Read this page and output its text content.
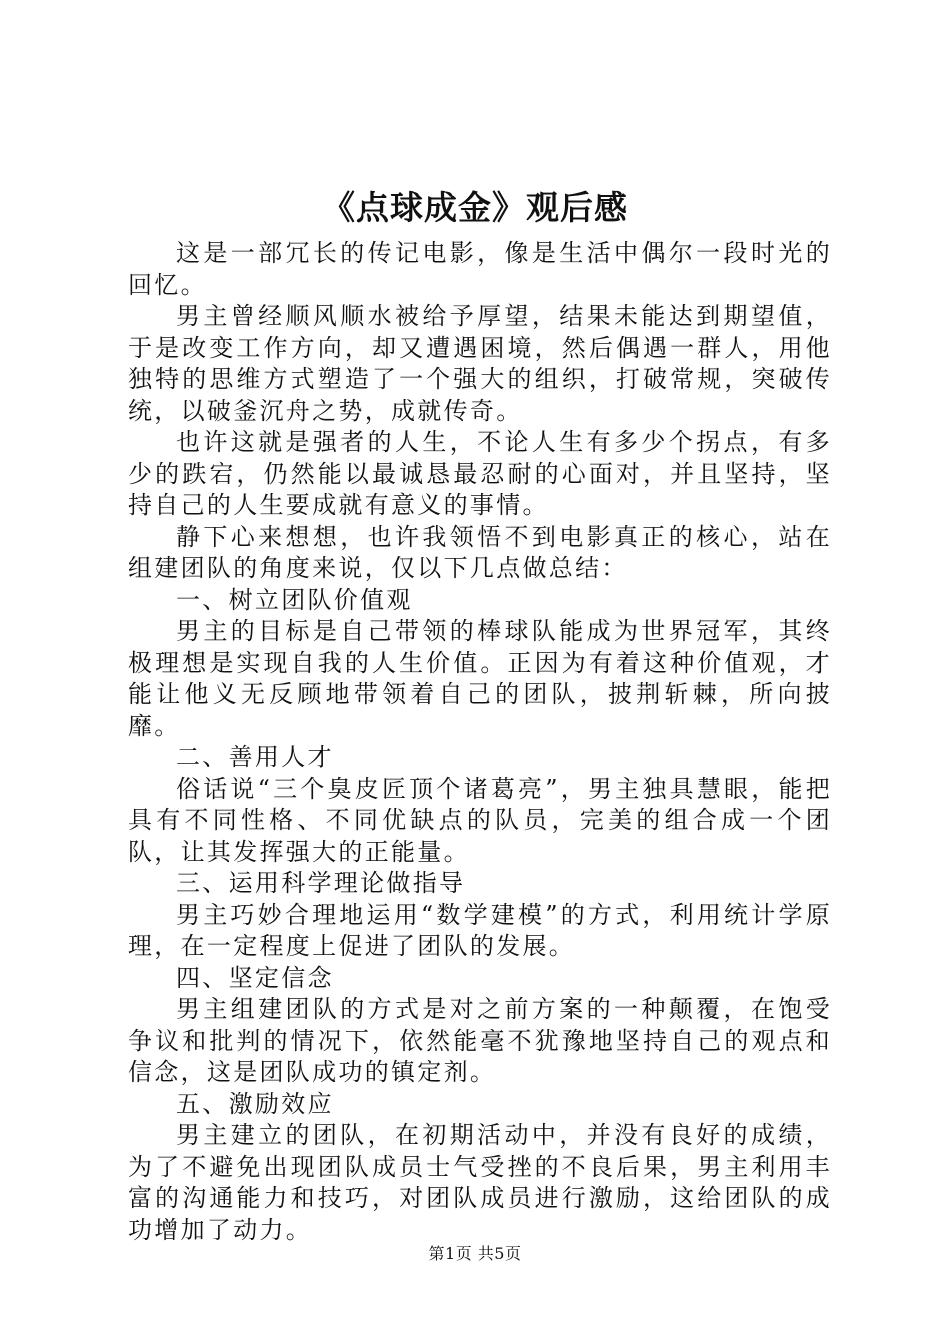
《点球成金》观后感

这是一部冗长的传记电影，像是生活中偶尔一段时光的回忆。

男主曾经顺风顺水被给予厚望，结果未能达到期望值，于是改变工作方向，却又遭遇困境，然后偶遇一群人，用他独特的思维方式塑造了一个强大的组织，打破常规，突破传统，以破釜沉舟之势，成就传奇。

也许这就是强者的人生，不论人生有多少个拐点，有多少的跌宕，仍然能以最诚恳最忍耐的心面对，并且坚持，坚持自己的人生要成就有意义的事情。

静下心来想想，也许我领悟不到电影真正的核心，站在组建团队的角度来说，仅以下几点做总结：

一、树立团队价值观

男主的目标是自己带领的棒球队能成为世界冠军，其终极理想是实现自我的人生价值。正因为有着这种价值观，才能让他义无反顾地带领着自己的团队，披荆斩棘，所向披靡。

二、善用人才

俗话说“三个臭皮匠顶个诸葛亮”，男主独具慧眼，能把具有不同性格、不同优缺点的队员，完美的组合成一个团队，让其发挥强大的正能量。

三、运用科学理论做指导

男主巧妙合理地运用“数学建模”的方式，利用统计学原理，在一定程度上促进了团队的发展。

四、坚定信念

男主组建团队的方式是对之前方案的一种颠覆，在饱受争议和批判的情况下，依然能毫不犹豫地坚持自己的观点和信念，这是团队成功的镇定剂。

五、激励效应

男主建立的团队，在初期活动中，并没有良好的成绩，为了不避免出现团队成员士气受挫的不良后果，男主利用丰富的沟通能力和技巧，对团队成员进行激励，这给团队的成功增加了动力。

第1页 共5页
